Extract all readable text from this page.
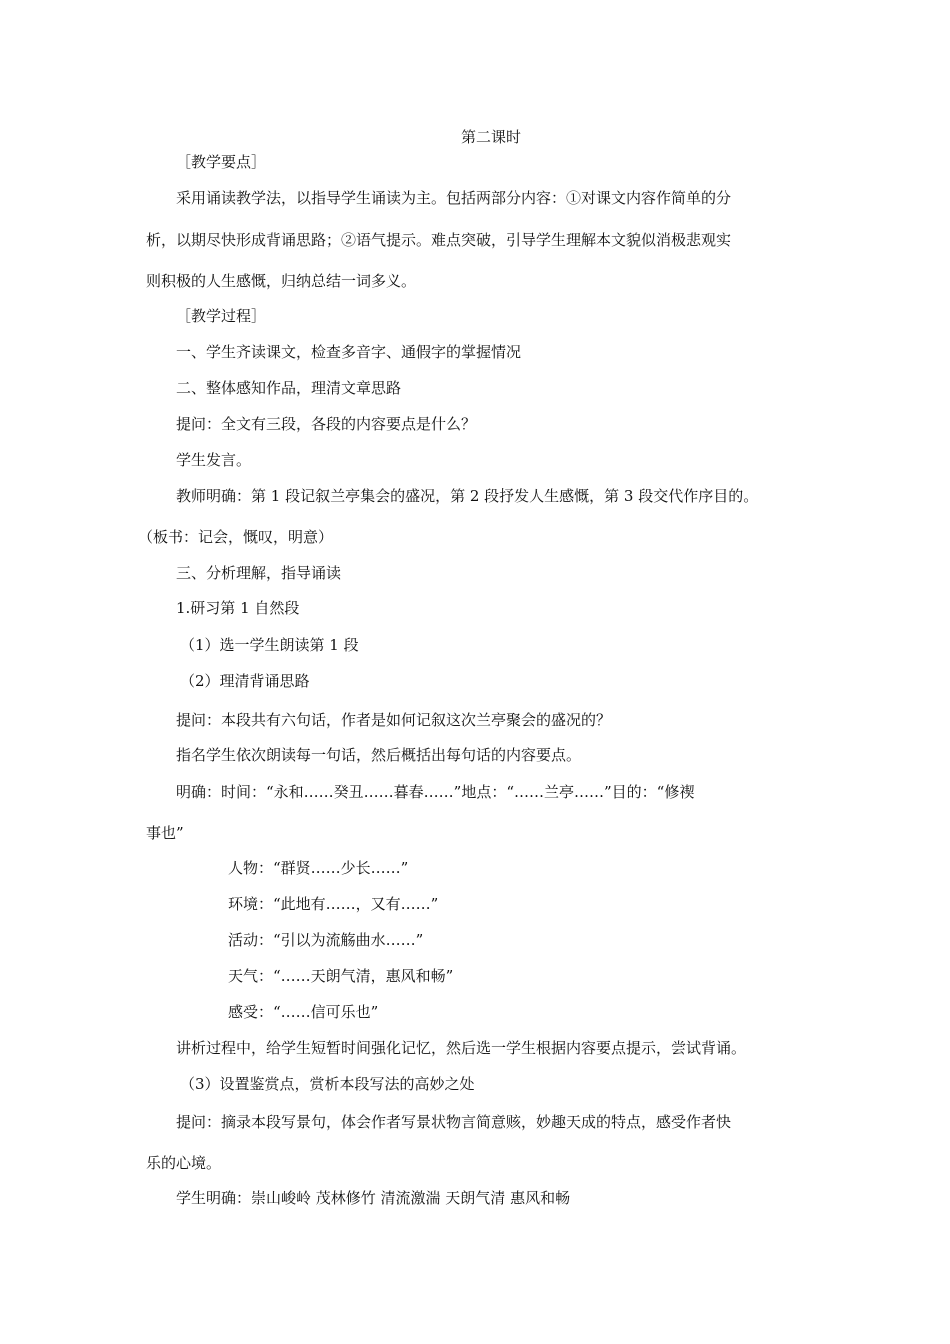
第二课时
［教学要点］
采用诵读教学法，以指导学生诵读为主。包括两部分内容：①对课文内容作简单的分
析，以期尽快形成背诵思路；②语气提示。难点突破，引导学生理解本文貌似消极悲观实
则积极的人生感慨，归纳总结一词多义。
［教学过程］
一、学生齐读课文，检查多音字、通假字的掌握情况
二、整体感知作品，理清文章思路
提问：全文有三段，各段的内容要点是什么？
学生发言。
教师明确：第 1 段记叙兰亭集会的盛况，第 2 段抒发人生感慨，第 3 段交代作序目的。
（板书：记会，慨叹，明意）
三、分析理解，指导诵读
1.研习第 1 自然段
（1）选一学生朗读第 1 段
（2）理清背诵思路
提问：本段共有六句话，作者是如何记叙这次兰亭聚会的盛况的？
指名学生依次朗读每一句话，然后概括出每句话的内容要点。
明确：时间：“永和……癸丑……暮春……”地点：“……兰亭……”目的：“修禊
事也”
人物：“群贤……少长……”
环境：“此地有……，又有……”
活动：“引以为流觞曲水……”
天气：“……天朗气清，惠风和畅”
感受：“……信可乐也”
讲析过程中，给学生短暂时间强化记忆，然后选一学生根据内容要点提示，尝试背诵。
（3）设置鉴赏点，赏析本段写法的高妙之处
提问：摘录本段写景句，体会作者写景状物言简意赅，妙趣天成的特点，感受作者快
乐的心境。
学生明确：崇山峻岭 茂林修竹 清流激湍 天朗气清 惠风和畅
